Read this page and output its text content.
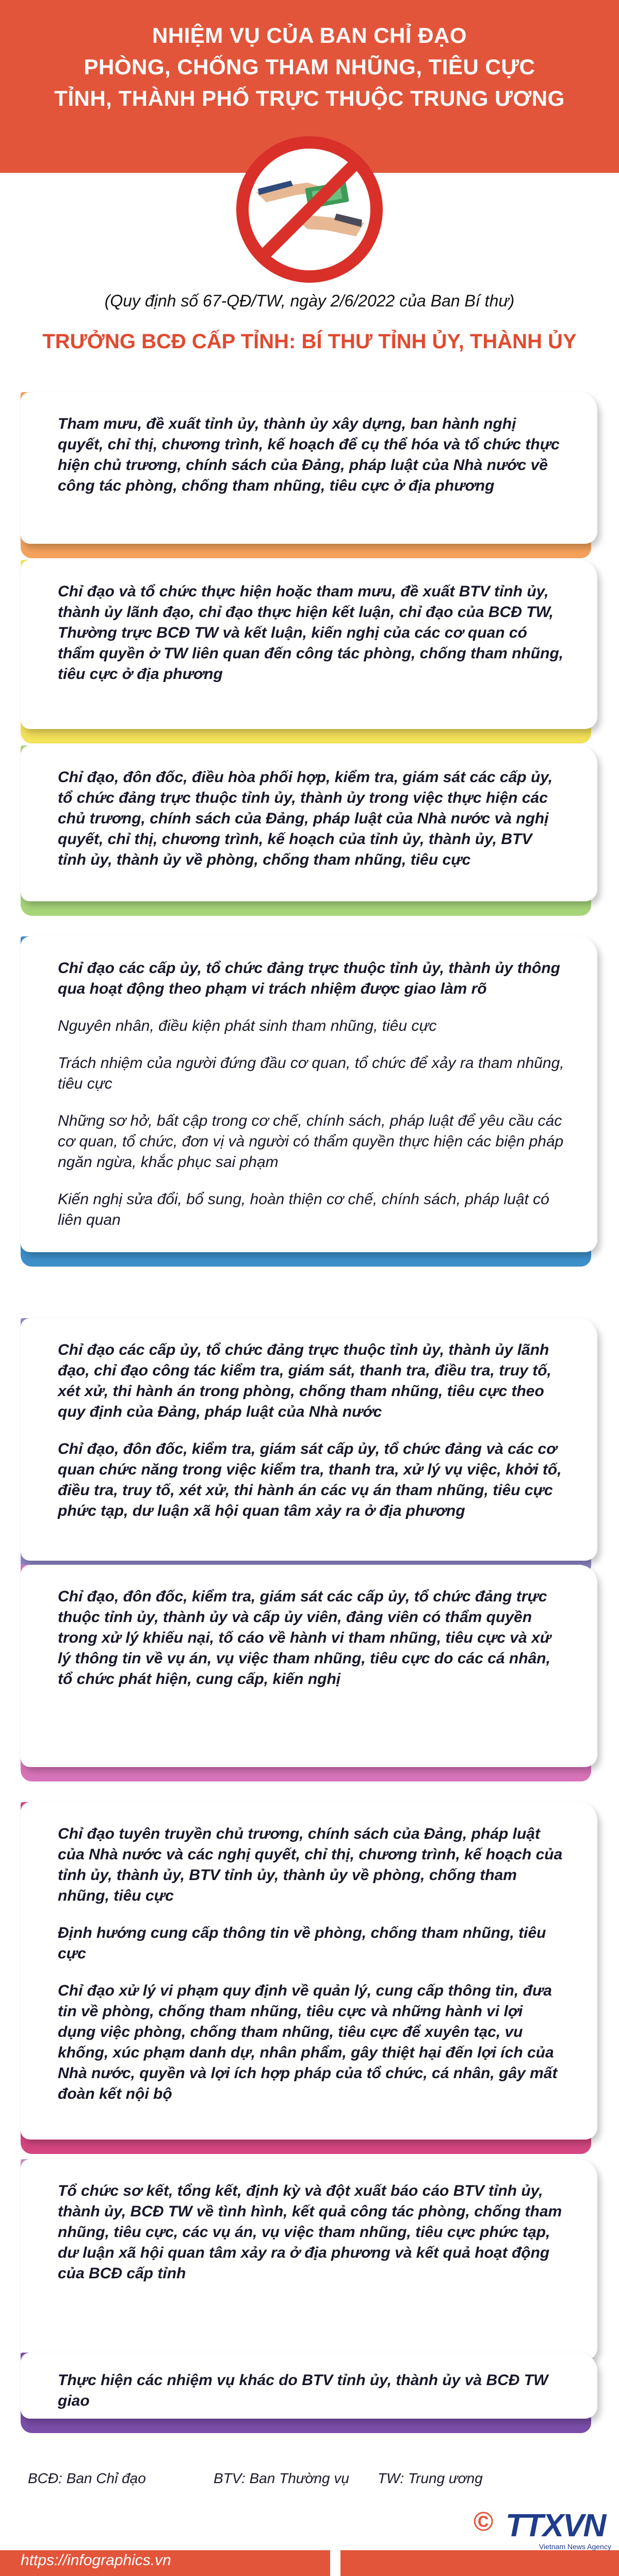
NHIỆM VỤ CỦA BAN CHỈ ĐẠO
PHÒNG, CHỐNG THAM NHŨNG, TIÊU CỰC
TỈNH, THÀNH PHỐ TRỰC THUỘC TRUNG ƯƠNG
(Quy định số 67-QĐ/TW, ngày 2/6/2022 của Ban Bí thư)
TRƯỞNG BCĐ CẤP TỈNH: BÍ THƯ TỈNH ỦY, THÀNH ỦY

Tham mưu, đề xuất tỉnh ủy, thành ủy xây dựng, ban hành nghị quyết, chỉ thị, chương trình, kế hoạch để cụ thể hóa và tổ chức thực hiện chủ trương, chính sách của Đảng, pháp luật của Nhà nước về công tác phòng, chống tham nhũng, tiêu cực ở địa phương

Chỉ đạo và tổ chức thực hiện hoặc tham mưu, đề xuất BTV tỉnh ủy, thành ủy lãnh đạo, chỉ đạo thực hiện kết luận, chỉ đạo của BCĐ TW, Thường trực BCĐ TW và kết luận, kiến nghị của các cơ quan có thẩm quyền ở TW liên quan đến công tác phòng, chống tham nhũng, tiêu cực ở địa phương

Chỉ đạo, đôn đốc, điều hòa phối hợp, kiểm tra, giám sát các cấp ủy, tổ chức đảng trực thuộc tỉnh ủy, thành ủy trong việc thực hiện các chủ trương, chính sách của Đảng, pháp luật của Nhà nước và nghị quyết, chỉ thị, chương trình, kế hoạch của tỉnh ủy, thành ủy, BTV tỉnh ủy, thành ủy về phòng, chống tham nhũng, tiêu cực

Chỉ đạo các cấp ủy, tổ chức đảng trực thuộc tỉnh ủy, thành ủy thông qua hoạt động theo phạm vi trách nhiệm được giao làm rõ

Nguyên nhân, điều kiện phát sinh tham nhũng, tiêu cực

Trách nhiệm của người đứng đầu cơ quan, tổ chức để xảy ra tham nhũng, tiêu cực

Những sơ hở, bất cập trong cơ chế, chính sách, pháp luật để yêu cầu các cơ quan, tổ chức, đơn vị và người có thẩm quyền thực hiện các biện pháp ngăn ngừa, khắc phục sai phạm

Kiến nghị sửa đổi, bổ sung, hoàn thiện cơ chế, chính sách, pháp luật có liên quan

Chỉ đạo các cấp ủy, tổ chức đảng trực thuộc tỉnh ủy, thành ủy lãnh đạo, chỉ đạo công tác kiểm tra, giám sát, thanh tra, điều tra, truy tố, xét xử, thi hành án trong phòng, chống tham nhũng, tiêu cực theo quy định của Đảng, pháp luật của Nhà nước

Chỉ đạo, đôn đốc, kiểm tra, giám sát cấp ủy, tổ chức đảng và các cơ quan chức năng trong việc kiểm tra, thanh tra, xử lý vụ việc, khởi tố, điều tra, truy tố, xét xử, thi hành án các vụ án tham nhũng, tiêu cực phức tạp, dư luận xã hội quan tâm xảy ra ở địa phương

Chỉ đạo, đôn đốc, kiểm tra, giám sát các cấp ủy, tổ chức đảng trực thuộc tỉnh ủy, thành ủy và cấp ủy viên, đảng viên có thẩm quyền trong xử lý khiếu nại, tố cáo về hành vi tham nhũng, tiêu cực và xử lý thông tin về vụ án, vụ việc tham nhũng, tiêu cực do các cá nhân, tổ chức phát hiện, cung cấp, kiến nghị

Chỉ đạo tuyên truyền chủ trương, chính sách của Đảng, pháp luật của Nhà nước và các nghị quyết, chỉ thị, chương trình, kế hoạch của tỉnh ủy, thành ủy, BTV tỉnh ủy, thành ủy về phòng, chống tham nhũng, tiêu cực

Định hướng cung cấp thông tin về phòng, chống tham nhũng, tiêu cực

Chỉ đạo xử lý vi phạm quy định về quản lý, cung cấp thông tin, đưa tin về phòng, chống tham nhũng, tiêu cực và những hành vi lợi dụng việc phòng, chống tham nhũng, tiêu cực để xuyên tạc, vu khống, xúc phạm danh dự, nhân phẩm, gây thiệt hại đến lợi ích của Nhà nước, quyền và lợi ích hợp pháp của tổ chức, cá nhân, gây mất đoàn kết nội bộ

Tổ chức sơ kết, tổng kết, định kỳ và đột xuất báo cáo BTV tỉnh ủy, thành ủy, BCĐ TW về tình hình, kết quả công tác phòng, chống tham nhũng, tiêu cực, các vụ án, vụ việc tham nhũng, tiêu cực phức tạp, dư luận xã hội quan tâm xảy ra ở địa phương và kết quả hoạt động của BCĐ cấp tỉnh

Thực hiện các nhiệm vụ khác do BTV tỉnh ủy, thành ủy và BCĐ TW giao

BCĐ: Ban Chỉ đạo	BTV: Ban Thường vụ TW: Trung ương
https://infographics.vn
© TTXVN
Vietnam News Agency
